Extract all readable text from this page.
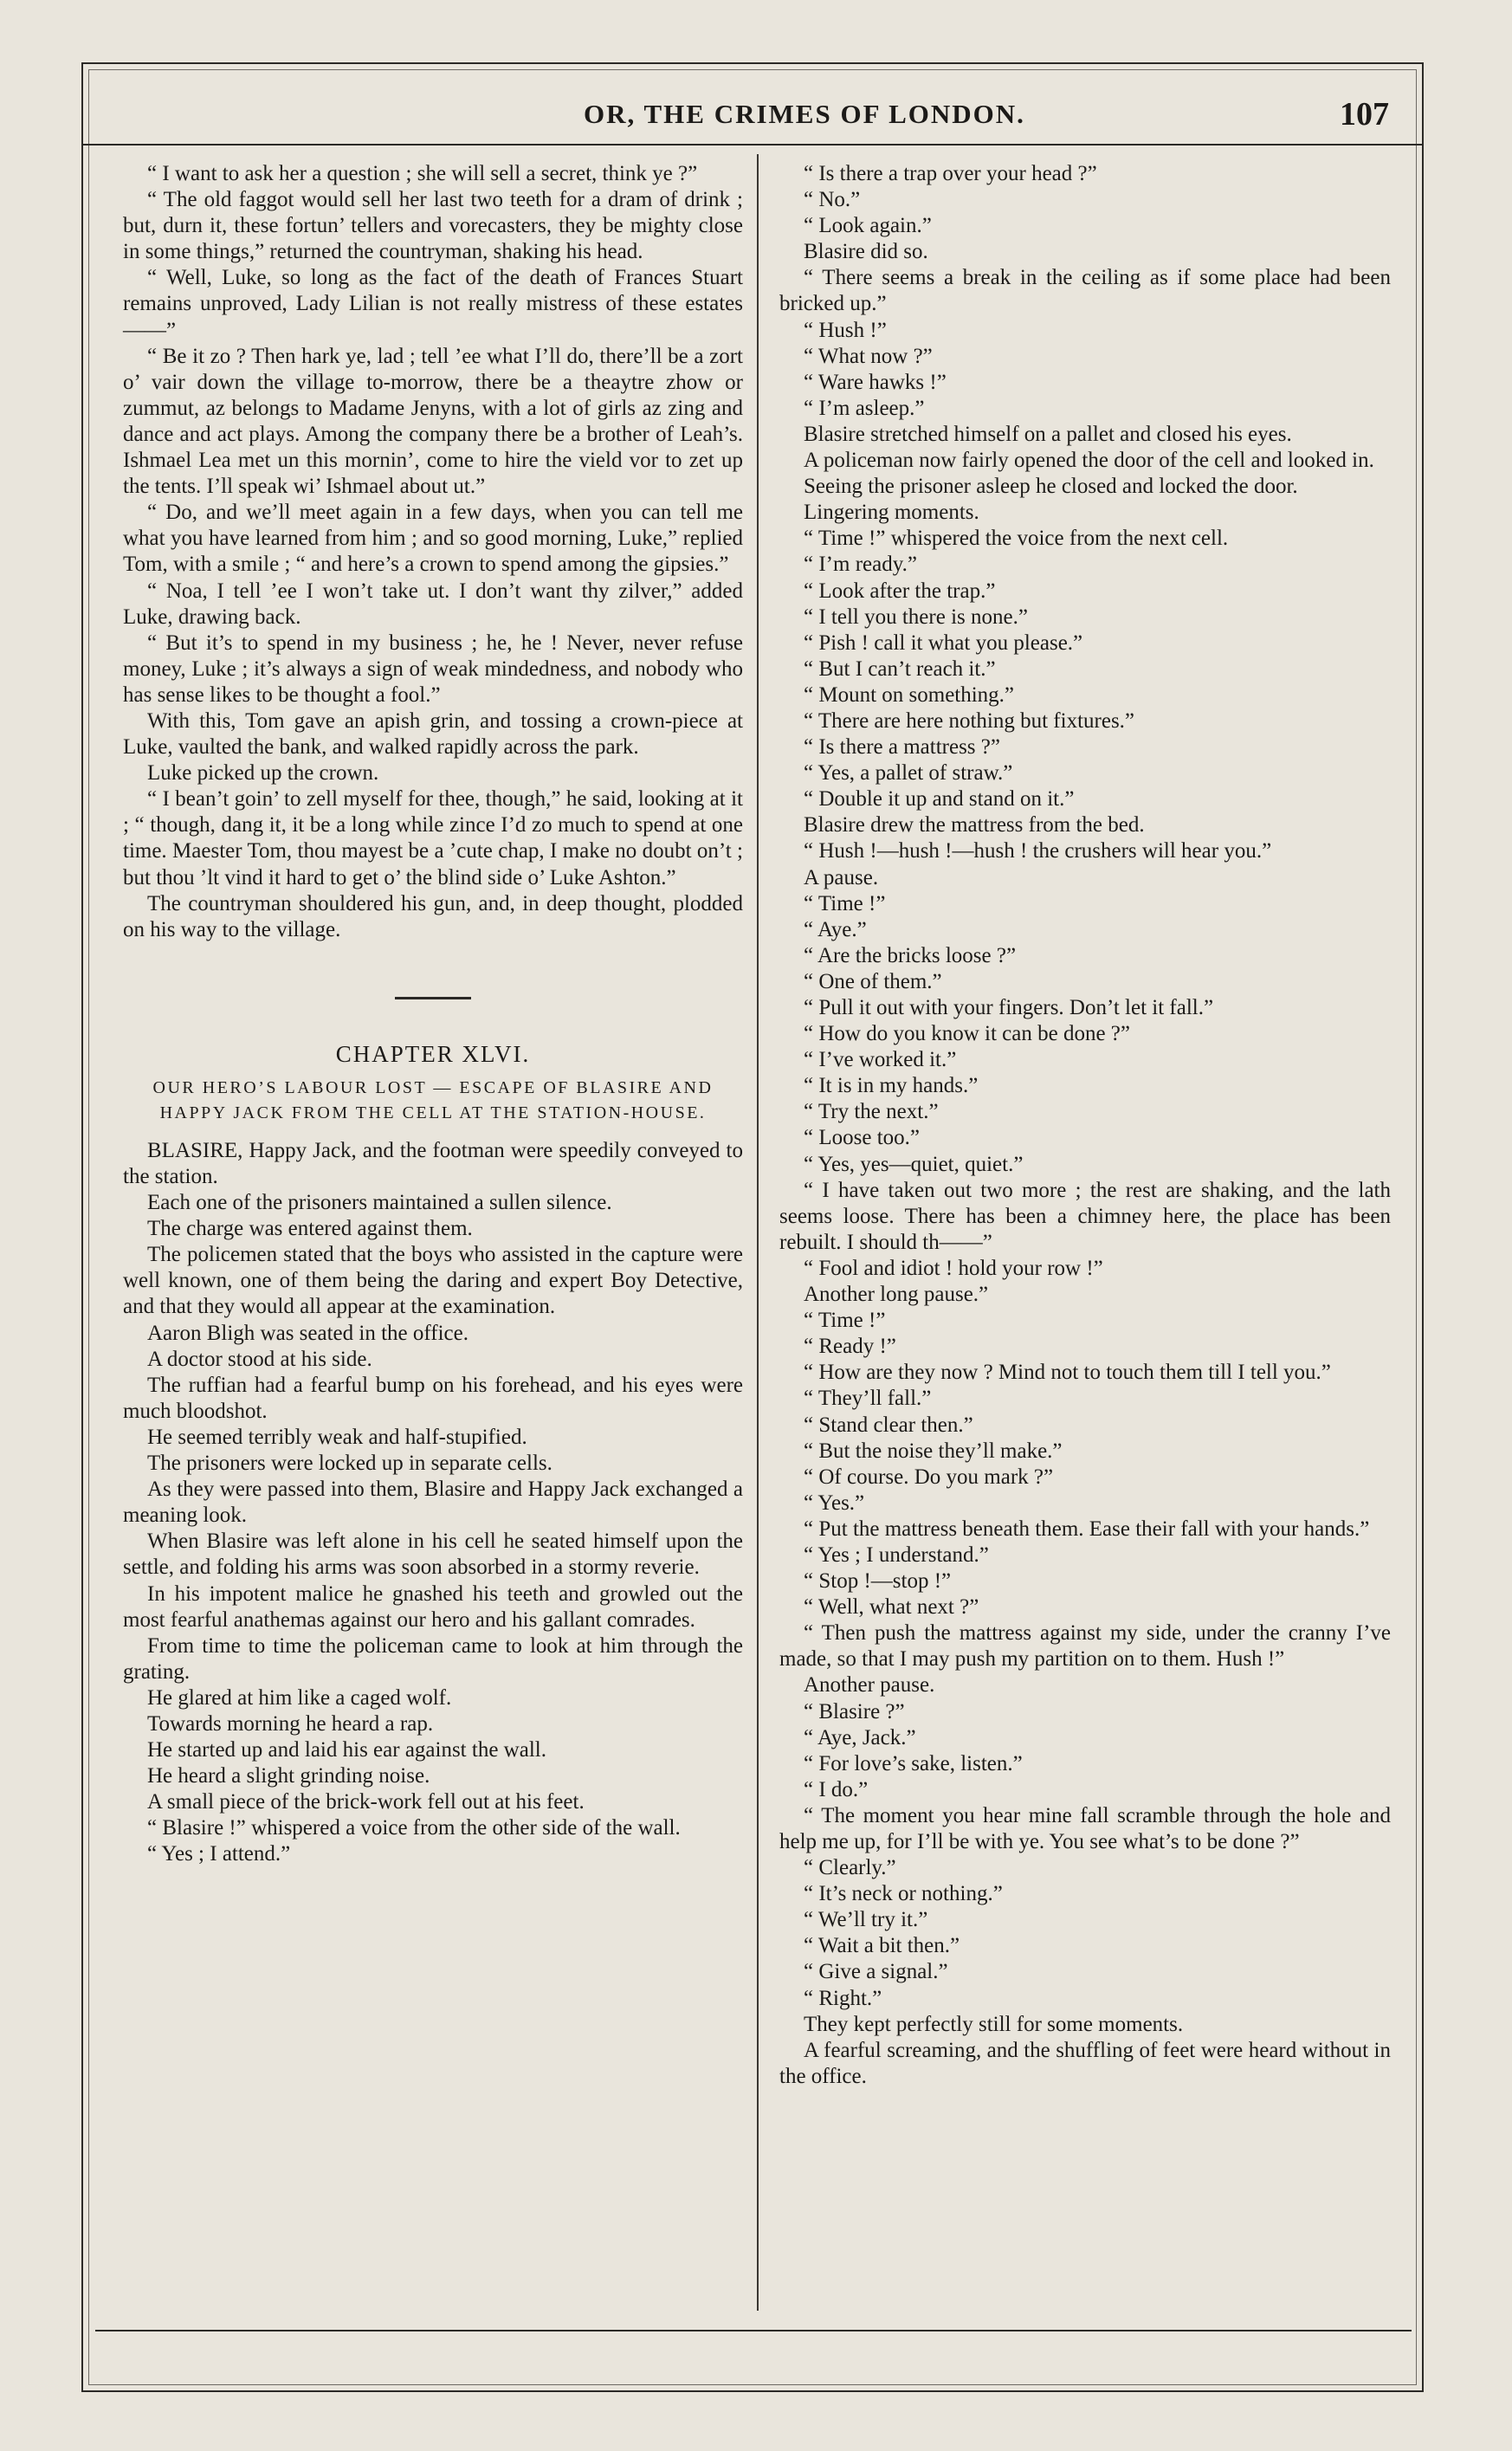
OR, THE CRIMES OF LONDON.	107

“ I want to ask her a question ; she will sell a secret, think ye ?”

“ The old faggot would sell her last two teeth for a dram of drink ; but, durn it, these fortun’ tellers and vorecasters, they be mighty close in some things,” returned the countryman, shaking his head.

“ Well, Luke, so long as the fact of the death of Frances Stuart remains unproved, Lady Lilian is not really mistress of these estates——”

“ Be it zo ? Then hark ye, lad ; tell ’ee what I’ll do, there’ll be a zort o’ vair down the village to-morrow, there be a theaytre zhow or zummut, az belongs to Madame Jenyns, with a lot of girls az zing and dance and act plays. Among the company there be a brother of Leah’s. Ishmael Lea met un this mornin’, come to hire the vield vor to zet up the tents. I’ll speak wi’ Ishmael about ut.”

“ Do, and we’ll meet again in a few days, when you can tell me what you have learned from him ; and so good morning, Luke,” replied Tom, with a smile ; “ and here’s a crown to spend among the gipsies.”

“ Noa, I tell ’ee I won’t take ut. I don’t want thy zilver,” added Luke, drawing back.

“ But it’s to spend in my business ; he, he ! Never, never refuse money, Luke ; it’s always a sign of weak mindedness, and nobody who has sense likes to be thought a fool.”

With this, Tom gave an apish grin, and tossing a crown-piece at Luke, vaulted the bank, and walked rapidly across the park.

Luke picked up the crown.

“ I bean’t goin’ to zell myself for thee, though,” he said, looking at it ; “ though, dang it, it be a long while zince I’d zo much to spend at one time. Maester Tom, thou mayest be a ’cute chap, I make no doubt on’t ; but thou ’lt vind it hard to get o’ the blind side o’ Luke Ashton.”

The countryman shouldered his gun, and, in deep thought, plodded on his way to the village.

CHAPTER XLVI.
OUR HERO’S LABOUR LOST — ESCAPE OF BLASIRE AND HAPPY JACK FROM THE CELL AT THE STATION-HOUSE.

BLASIRE, Happy Jack, and the footman were speedily conveyed to the station.

Each one of the prisoners maintained a sullen silence.

The charge was entered against them.

The policemen stated that the boys who assisted in the capture were well known, one of them being the daring and expert Boy Detective, and that they would all appear at the examination.

Aaron Bligh was seated in the office.

A doctor stood at his side.

The ruffian had a fearful bump on his forehead, and his eyes were much bloodshot.

He seemed terribly weak and half-stupified.

The prisoners were locked up in separate cells.

As they were passed into them, Blasire and Happy Jack exchanged a meaning look.

When Blasire was left alone in his cell he seated himself upon the settle, and folding his arms was soon absorbed in a stormy reverie.

In his impotent malice he gnashed his teeth and growled out the most fearful anathemas against our hero and his gallant comrades.

From time to time the policeman came to look at him through the grating.

He glared at him like a caged wolf.

Towards morning he heard a rap.

He started up and laid his ear against the wall.

He heard a slight grinding noise.

A small piece of the brick-work fell out at his feet.

“ Blasire !” whispered a voice from the other side of the wall.

“ Yes ; I attend.”

“ Is there a trap over your head ?”

“ No.”

“ Look again.”

Blasire did so.

“ There seems a break in the ceiling as if some place had been bricked up.”

“ Hush !”

“ What now ?”

“ Ware hawks !”

“ I’m asleep.”

Blasire stretched himself on a pallet and closed his eyes.

A policeman now fairly opened the door of the cell and looked in.

Seeing the prisoner asleep he closed and locked the door.

Lingering moments.

“ Time !” whispered the voice from the next cell.

“ I’m ready.”

“ Look after the trap.”

“ I tell you there is none.”

“ Pish ! call it what you please.”

“ But I can’t reach it.”

“ Mount on something.”

“ There are here nothing but fixtures.”

“ Is there a mattress ?”

“ Yes, a pallet of straw.”

“ Double it up and stand on it.”

Blasire drew the mattress from the bed.

“ Hush !—hush !—hush ! the crushers will hear you.”

A pause.

“ Time !”

“ Aye.”

“ Are the bricks loose ?”

“ One of them.”

“ Pull it out with your fingers. Don’t let it fall.”

“ How do you know it can be done ?”

“ I’ve worked it.”

“ It is in my hands.”

“ Try the next.”

“ Loose too.”

“ Yes, yes—quiet, quiet.”

“ I have taken out two more ; the rest are shaking, and the lath seems loose. There has been a chimney here, the place has been rebuilt. I should th——”

“ Fool and idiot ! hold your row !”

Another long pause.”

“ Time !”

“ Ready !”

“ How are they now ? Mind not to touch them till I tell you.”

“ They’ll fall.”

“ Stand clear then.”

“ But the noise they’ll make.”

“ Of course. Do you mark ?”

“ Yes.”

“ Put the mattress beneath them. Ease their fall with your hands.”

“ Yes ; I understand.”

“ Stop !—stop !”

“ Well, what next ?”

“ Then push the mattress against my side, under the cranny I’ve made, so that I may push my partition on to them. Hush !”

Another pause.

“ Blasire ?”

“ Aye, Jack.”

“ For love’s sake, listen.”

“ I do.”

“ The moment you hear mine fall scramble through the hole and help me up, for I’ll be with ye. You see what’s to be done ?”

“ Clearly.”

“ It’s neck or nothing.”

“ We’ll try it.”

“ Wait a bit then.”

“ Give a signal.”

“ Right.”

They kept perfectly still for some moments.

A fearful screaming, and the shuffling of feet were heard without in the office.
